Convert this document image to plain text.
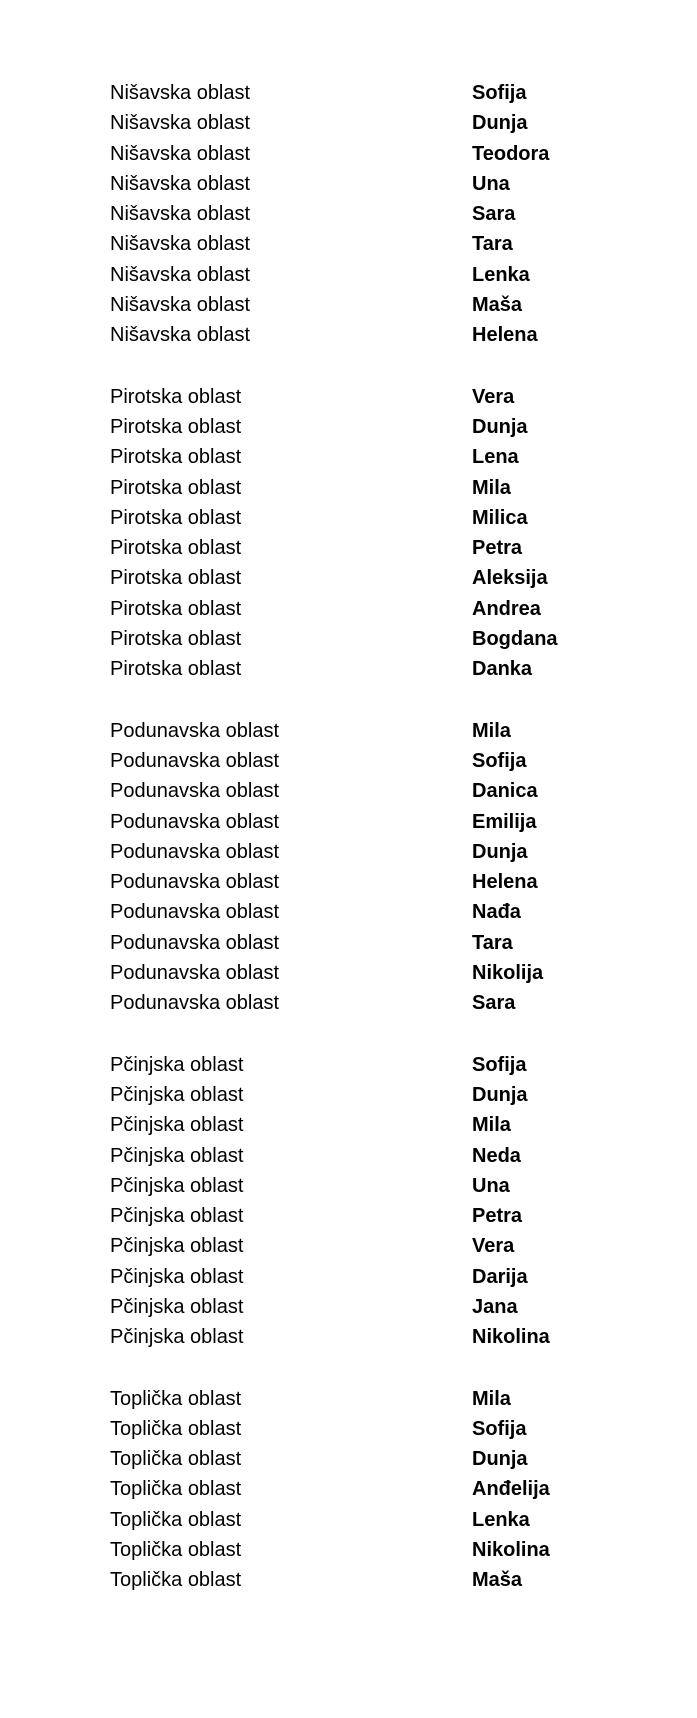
Nišavska oblast	Sofija
Nišavska oblast	Dunja
Nišavska oblast	Teodora
Nišavska oblast	Una
Nišavska oblast	Sara
Nišavska oblast	Tara
Nišavska oblast	Lenka
Nišavska oblast	Maša
Nišavska oblast	Helena
Pirotska oblast	Vera
Pirotska oblast	Dunja
Pirotska oblast	Lena
Pirotska oblast	Mila
Pirotska oblast	Milica
Pirotska oblast	Petra
Pirotska oblast	Aleksija
Pirotska oblast	Andrea
Pirotska oblast	Bogdana
Pirotska oblast	Danka
Podunavska oblast	Mila
Podunavska oblast	Sofija
Podunavska oblast	Danica
Podunavska oblast	Emilija
Podunavska oblast	Dunja
Podunavska oblast	Helena
Podunavska oblast	Nađa
Podunavska oblast	Tara
Podunavska oblast	Nikolija
Podunavska oblast	Sara
Pčinjska oblast	Sofija
Pčinjska oblast	Dunja
Pčinjska oblast	Mila
Pčinjska oblast	Neda
Pčinjska oblast	Una
Pčinjska oblast	Petra
Pčinjska oblast	Vera
Pčinjska oblast	Darija
Pčinjska oblast	Jana
Pčinjska oblast	Nikolina
Toplička oblast	Mila
Toplička oblast	Sofija
Toplička oblast	Dunja
Toplička oblast	Anđelija
Toplička oblast	Lenka
Toplička oblast	Nikolina
Toplička oblast	Maša
